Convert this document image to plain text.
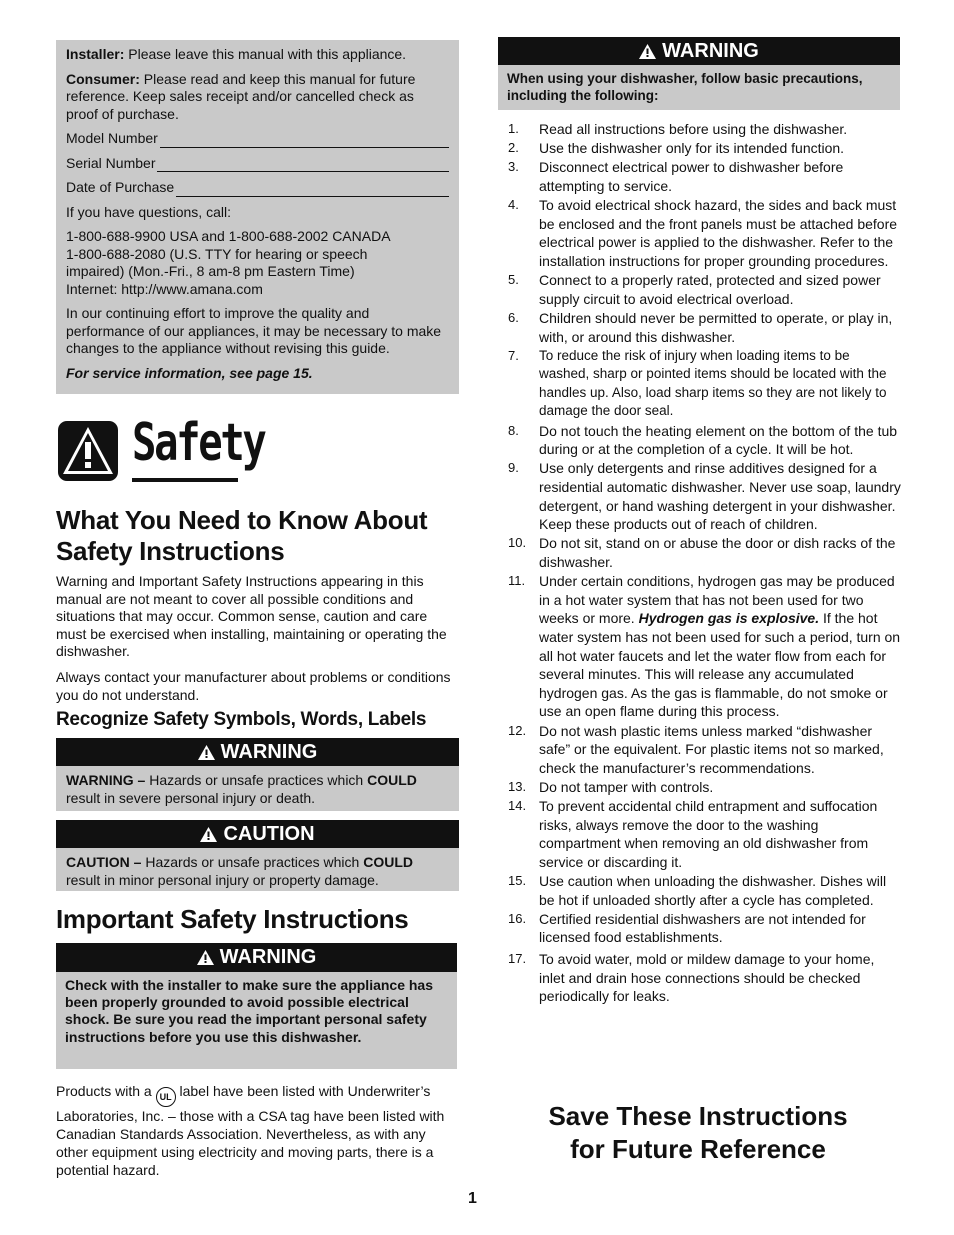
Installer: Please leave this manual with this appliance.

Consumer: Please read and keep this manual for future reference. Keep sales receipt and/or cancelled check as proof of purchase.

Model Number
Serial Number
Date of Purchase

If you have questions, call:

1-800-688-9900 USA and 1-800-688-2002 CANADA
1-800-688-2080 (U.S. TTY for hearing or speech
impaired) (Mon.-Fri., 8 am-8 pm Eastern Time)
Internet: http://www.amana.com

In our continuing effort to improve the quality and performance of our appliances, it may be necessary to make changes to the appliance without revising this guide.

For service information, see page 15.

Safety
What You Need to Know About Safety Instructions

Warning and Important Safety Instructions appearing in this manual are not meant to cover all possible conditions and situations that may occur. Common sense, caution and care must be exercised when installing, maintaining or operating the dishwasher.

Always contact your manufacturer about problems or conditions you do not understand.

Recognize Safety Symbols, Words, Labels
WARNING
WARNING – Hazards or unsafe practices which COULD
result in severe personal injury or death.
CAUTION
CAUTION – Hazards or unsafe practices which COULD
result in minor personal injury or property damage.
Important Safety Instructions
WARNING
Check with the installer to make sure the appliance has been properly grounded to avoid possible electrical shock. Be sure you read the important personal safety instructions before you use this dishwasher.

Products with a UL label have been listed with Underwriter’s Laboratories, Inc. – those with a CSA tag have been listed with Canadian Standards Association. Nevertheless, as with any other equipment using electricity and moving parts, there is a potential hazard.

WARNING
When using your dishwasher, follow basic precautions, including the following:
1.	Read all instructions before using the dishwasher.
2.	Use the dishwasher only for its intended function.
3.	Disconnect electrical power to dishwasher before attempting to service.
4.	To avoid electrical shock hazard, the sides and back must be enclosed and the front panels must be attached before electrical power is applied to the dishwasher. Refer to the installation instructions for proper grounding procedures.
5.	Connect to a properly rated, protected and sized power supply circuit to avoid electrical overload.
6.	Children should never be permitted to operate, or play in, with, or around this dishwasher.
7.	To reduce the risk of injury when loading items to be washed, sharp or pointed items should be located with the handles up. Also, load sharp items so they are not likely to damage the door seal.
8.	Do not touch the heating element on the bottom of the tub during or at the completion of a cycle. It will be hot.
9.	Use only detergents and rinse additives designed for a residential automatic dishwasher. Never use soap, laundry detergent, or hand washing detergent in your dishwasher. Keep these products out of reach of children.
10. Do not sit, stand on or abuse the door or dish racks of the dishwasher.
11. Under certain conditions, hydrogen gas may be produced in a hot water system that has not been used for two weeks or more. Hydrogen gas is explosive. If the hot water system has not been used for such a period, turn on all hot water faucets and let the water flow from each for several minutes. This will release any accumulated hydrogen gas. As the gas is flammable, do not smoke or use an open flame during this process.
12. Do not wash plastic items unless marked “dishwasher safe” or the equivalent. For plastic items not so marked, check the manufacturer’s recommendations.
13. Do not tamper with controls.
14. To prevent accidental child entrapment and suffocation risks, always remove the door to the washing compartment when removing an old dishwasher from service or discarding it.
15. Use caution when unloading the dishwasher. Dishes will be hot if unloaded shortly after a cycle has completed.
16. Certified residential dishwashers are not intended for licensed food establishments.
17. To avoid water, mold or mildew damage to your home, inlet and drain hose connections should be checked periodically for leaks.
Save These Instructions
for Future Reference
1
